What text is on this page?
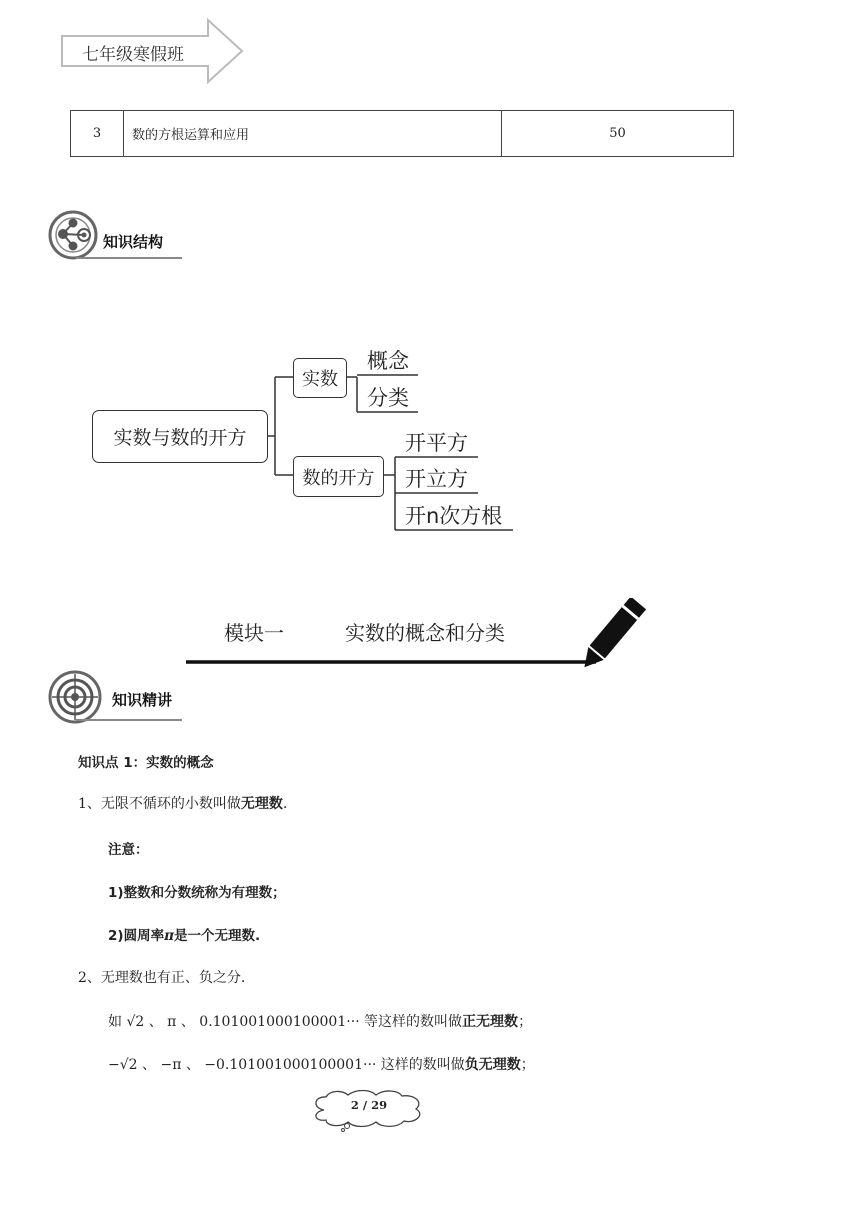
七年级寒假班
3	数的方根运算和应用	50
知识结构
实数与数的开方
实数
数的开方
概念
分类
开平方
开立方
开n次方根
模块一	实数的概念和分类
知识精讲
知识点 1：实数的概念
1、无限不循环的小数叫做无理数.
注意：
1)整数和分数统称为有理数；
2)圆周率π是一个无理数.
2、无理数也有正、负之分.
如 √2 、 π 、 0.101001000100001··· 等这样的数叫做正无理数；
−√2 、 −π 、 −0.101001000100001··· 这样的数叫做负无理数；
2 / 29
